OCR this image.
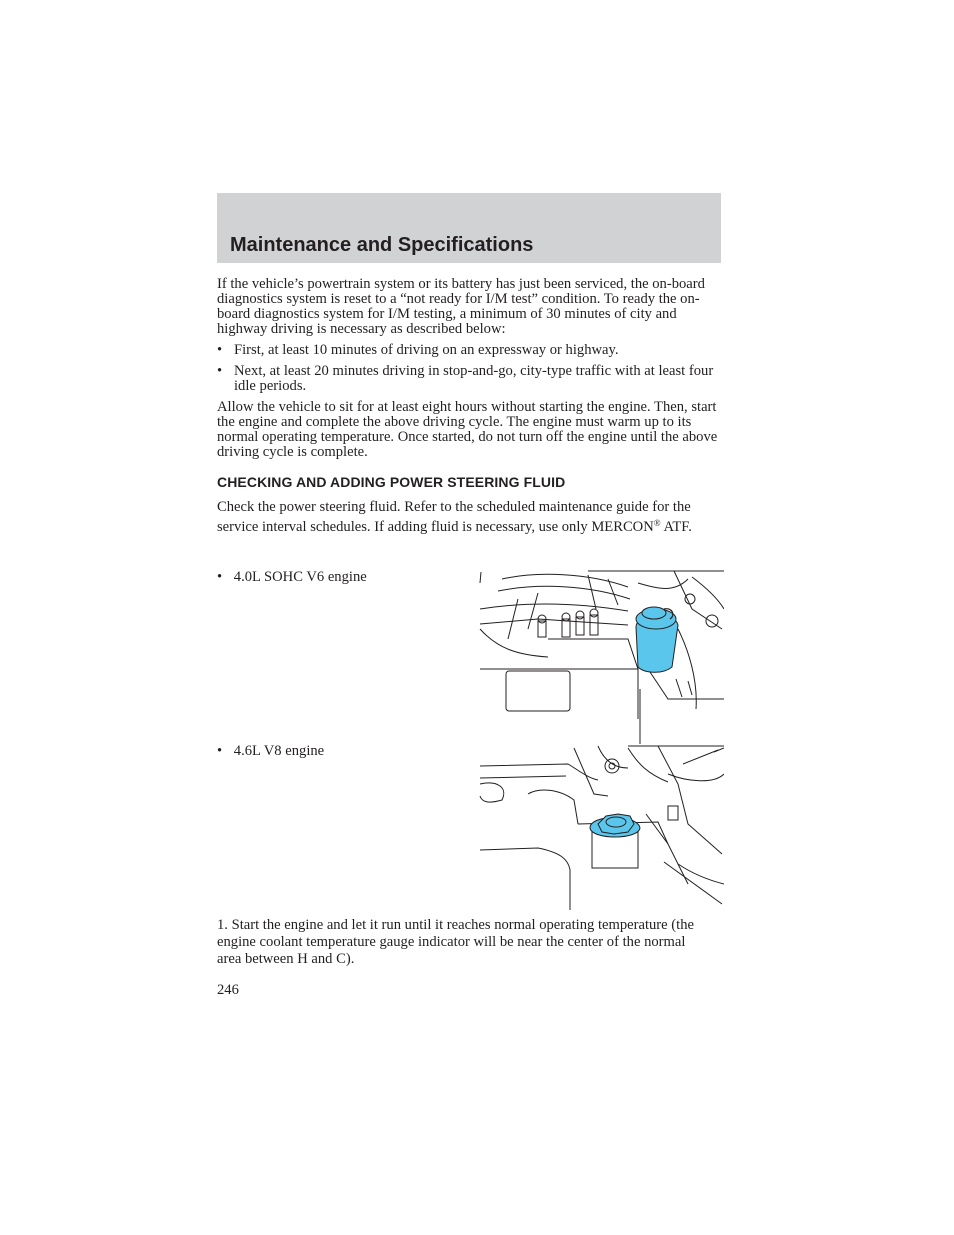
Maintenance and Specifications

If the vehicle’s powertrain system or its battery has just been serviced, the on-board diagnostics system is reset to a “not ready for I/M test” condition. To ready the on-board diagnostics system for I/M testing, a minimum of 30 minutes of city and highway driving is necessary as described below:

• First, at least 10 minutes of driving on an expressway or highway.
• Next, at least 20 minutes driving in stop-and-go, city-type traffic with at least four idle periods.

Allow the vehicle to sit for at least eight hours without starting the engine. Then, start the engine and complete the above driving cycle. The engine must warm up to its normal operating temperature. Once started, do not turn off the engine until the above driving cycle is complete.

CHECKING AND ADDING POWER STEERING FLUID

Check the power steering fluid. Refer to the scheduled maintenance guide for the service interval schedules. If adding fluid is necessary, use only MERCON® ATF.

• 4.0L SOHC V6 engine
• 4.6L V8 engine

1. Start the engine and let it run until it reaches normal operating temperature (the engine coolant temperature gauge indicator will be near the center of the normal area between H and C).

246
